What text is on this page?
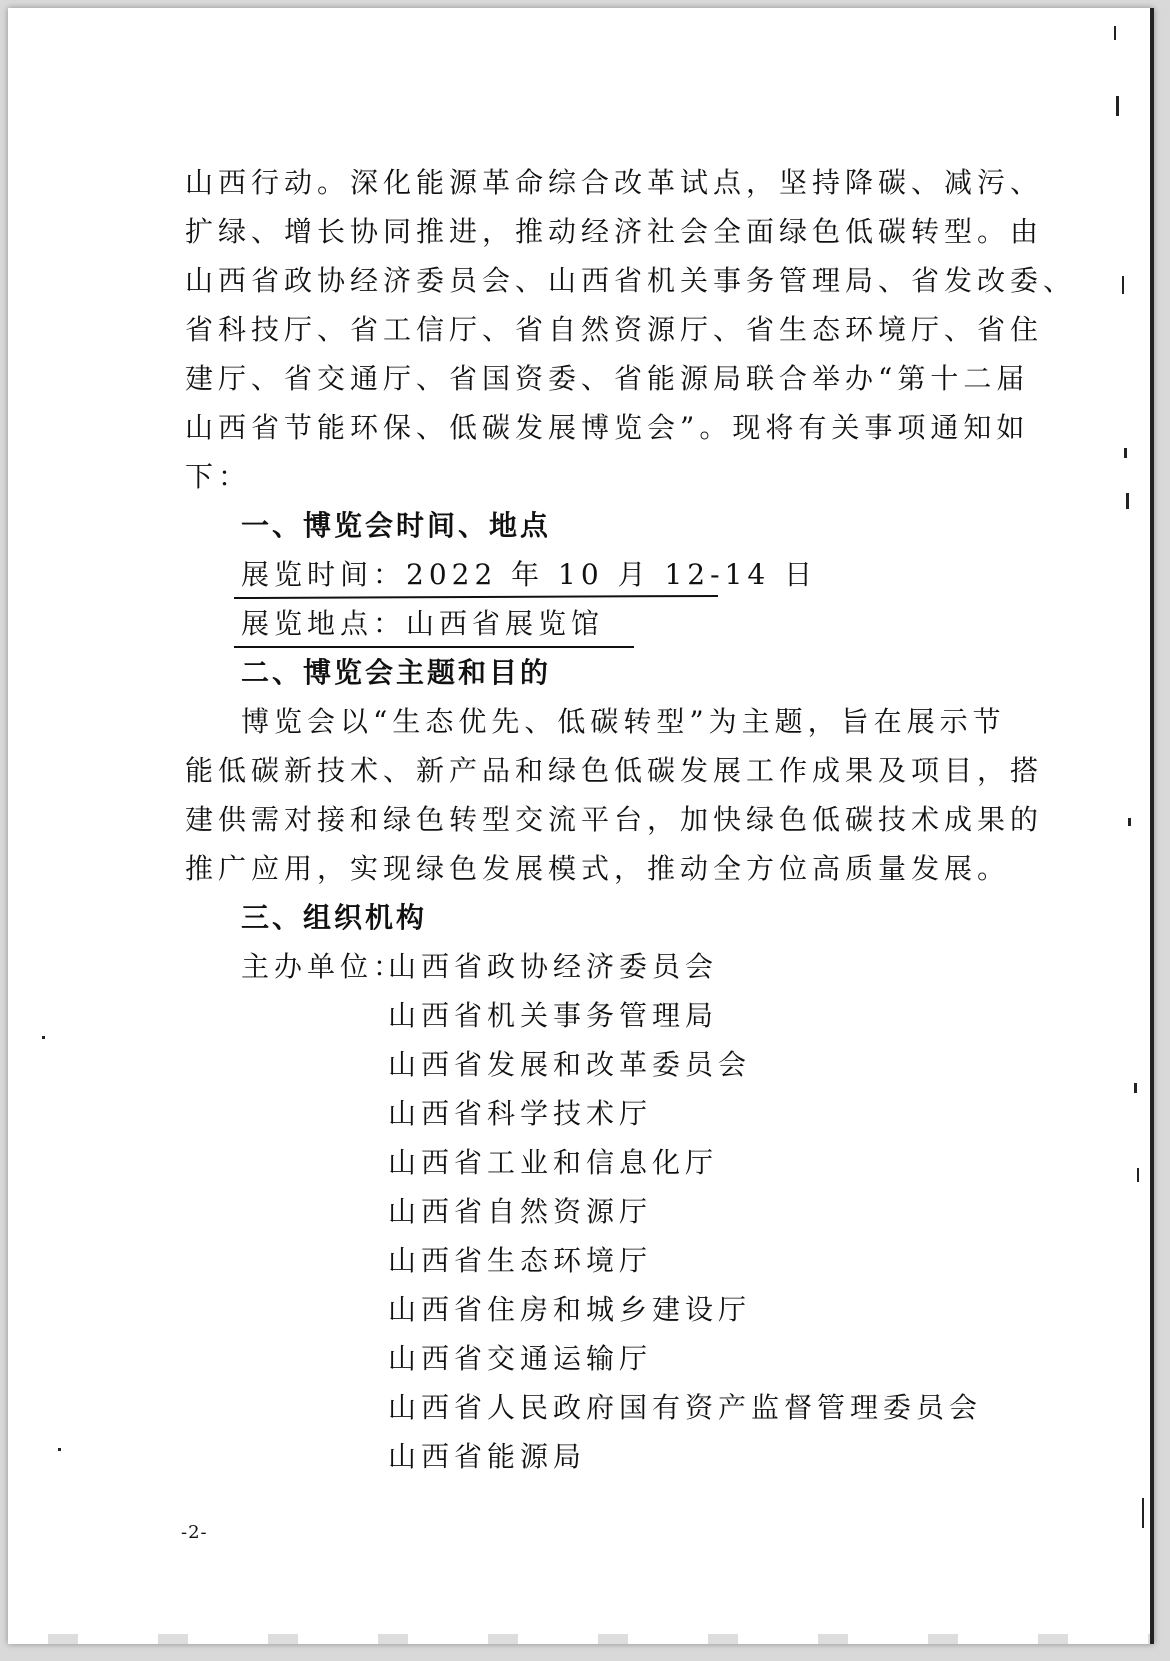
山西行动。深化能源革命综合改革试点，坚持降碳、减污、
扩绿、增长协同推进，推动经济社会全面绿色低碳转型。由
山西省政协经济委员会、山西省机关事务管理局、省发改委、
省科技厅、省工信厅、省自然资源厅、省生态环境厅、省住
建厅、省交通厅、省国资委、省能源局联合举办“第十二届
山西省节能环保、低碳发展博览会”。现将有关事项通知如
下：
一、博览会时间、地点
展览时间：2022 年 10 月 12-14 日
展览地点：山西省展览馆
二、博览会主题和目的
博览会以“生态优先、低碳转型”为主题，旨在展示节
能低碳新技术、新产品和绿色低碳发展工作成果及项目，搭
建供需对接和绿色转型交流平台，加快绿色低碳技术成果的
推广应用，实现绿色发展模式，推动全方位高质量发展。
三、组织机构
主办单位：
山西省政协经济委员会
山西省机关事务管理局
山西省发展和改革委员会
山西省科学技术厅
山西省工业和信息化厅
山西省自然资源厅
山西省生态环境厅
山西省住房和城乡建设厅
山西省交通运输厅
山西省人民政府国有资产监督管理委员会
山西省能源局
-2-
